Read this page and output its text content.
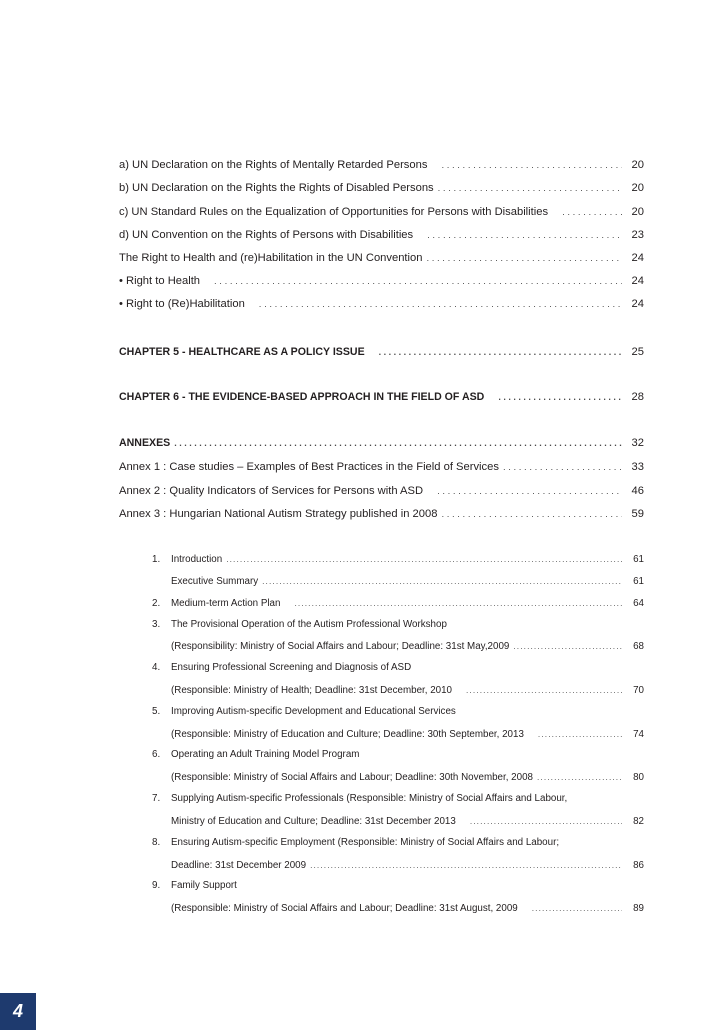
a) UN Declaration on the Rights of Mentally Retarded Persons . . .	20
b) UN Declaration on the Rights the Rights of Disabled Persons . . .	20
c) UN Standard Rules on the Equalization of Opportunities for Persons with Disabilities . . .	20
d) UN Convention on the Rights of Persons with Disabilities . . .	23
The Right to Health and (re)Habilitation in the UN Convention . . .	24
• Right to Health . . .	24
• Right to (Re)Habilitation . . .	24
CHAPTER 5 - HEALTHCARE AS A POLICY ISSUE . . .	25
CHAPTER 6 - THE EVIDENCE-BASED APPROACH IN THE FIELD OF ASD . . .	28
ANNEXES . . .	32
Annex 1 : Case studies – Examples of Best Practices in the Field of Services . . .	33
Annex 2 : Quality Indicators of Services for Persons with ASD . . .	46
Annex 3 : Hungarian National Autism Strategy published in 2008 . . .	59
1.	Introduction . . .	61
Executive Summary . . .	61
2.	Medium-term Action Plan . . .	64
3.	The Provisional Operation of the Autism Professional Workshop
(Responsibility: Ministry of Social Affairs and Labour; Deadline: 31st May,2009 . . .	68
4.	Ensuring Professional Screening and Diagnosis of ASD
(Responsible: Ministry of Health; Deadline: 31st December, 2010 . . .	70
5.	Improving Autism-specific Development and Educational Services
(Responsible: Ministry of Education and Culture; Deadline: 30th September, 2013 . . .	74
6.	Operating an Adult Training Model Program
(Responsible: Ministry of Social Affairs and Labour; Deadline: 30th November, 2008 . . .	80
7.	Supplying Autism-specific Professionals (Responsible: Ministry of Social Affairs and Labour,
Ministry of Education and Culture; Deadline: 31st December 2013 . . .	82
8.	Ensuring Autism-specific Employment (Responsible: Ministry of Social Affairs and Labour;
Deadline: 31st December 2009 . . .	86
9.	Family Support
(Responsible: Ministry of Social Affairs and Labour; Deadline: 31st August, 2009 . . .	89
4
